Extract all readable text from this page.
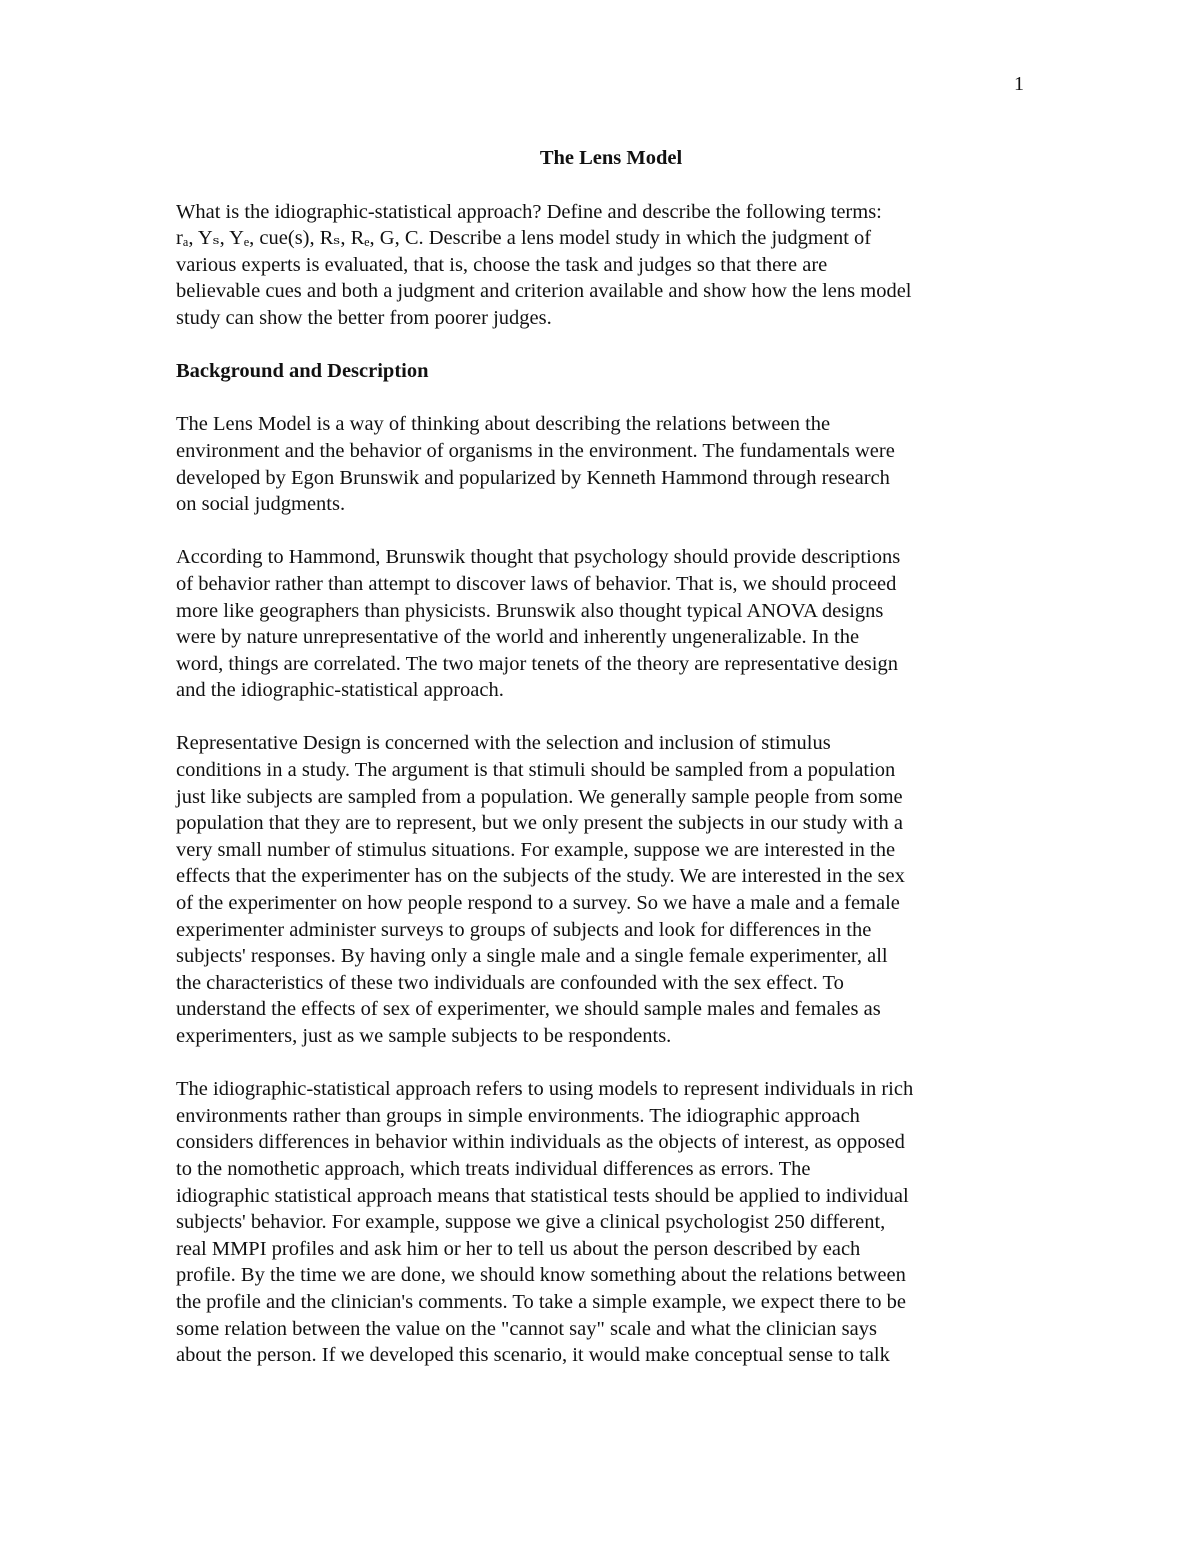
1
The Lens Model
What is the idiographic-statistical approach? Define and describe the following terms:
rₐ, Yₛ, Yₑ, cue(s), Rₛ, Rₑ, G, C. Describe a lens model study in which the judgment of
various experts is evaluated, that is, choose the task and judges so that there are
believable cues and both a judgment and criterion available and show how the lens model
study can show the better from poorer judges.
Background and Description
The Lens Model is a way of thinking about describing the relations between the
environment and the behavior of organisms in the environment. The fundamentals were
developed by Egon Brunswik and popularized by Kenneth Hammond through research
on social judgments.
According to Hammond, Brunswik thought that psychology should provide descriptions
of behavior rather than attempt to discover laws of behavior. That is, we should proceed
more like geographers than physicists. Brunswik also thought typical ANOVA designs
were by nature unrepresentative of the world and inherently ungeneralizable. In the
word, things are correlated. The two major tenets of the theory are representative design
and the idiographic-statistical approach.
Representative Design is concerned with the selection and inclusion of stimulus
conditions in a study. The argument is that stimuli should be sampled from a population
just like subjects are sampled from a population. We generally sample people from some
population that they are to represent, but we only present the subjects in our study with a
very small number of stimulus situations. For example, suppose we are interested in the
effects that the experimenter has on the subjects of the study. We are interested in the sex
of the experimenter on how people respond to a survey. So we have a male and a female
experimenter administer surveys to groups of subjects and look for differences in the
subjects' responses. By having only a single male and a single female experimenter, all
the characteristics of these two individuals are confounded with the sex effect. To
understand the effects of sex of experimenter, we should sample males and females as
experimenters, just as we sample subjects to be respondents.
The idiographic-statistical approach refers to using models to represent individuals in rich
environments rather than groups in simple environments. The idiographic approach
considers differences in behavior within individuals as the objects of interest, as opposed
to the nomothetic approach, which treats individual differences as errors. The
idiographic statistical approach means that statistical tests should be applied to individual
subjects' behavior. For example, suppose we give a clinical psychologist 250 different,
real MMPI profiles and ask him or her to tell us about the person described by each
profile. By the time we are done, we should know something about the relations between
the profile and the clinician's comments. To take a simple example, we expect there to be
some relation between the value on the "cannot say" scale and what the clinician says
about the person. If we developed this scenario, it would make conceptual sense to talk
